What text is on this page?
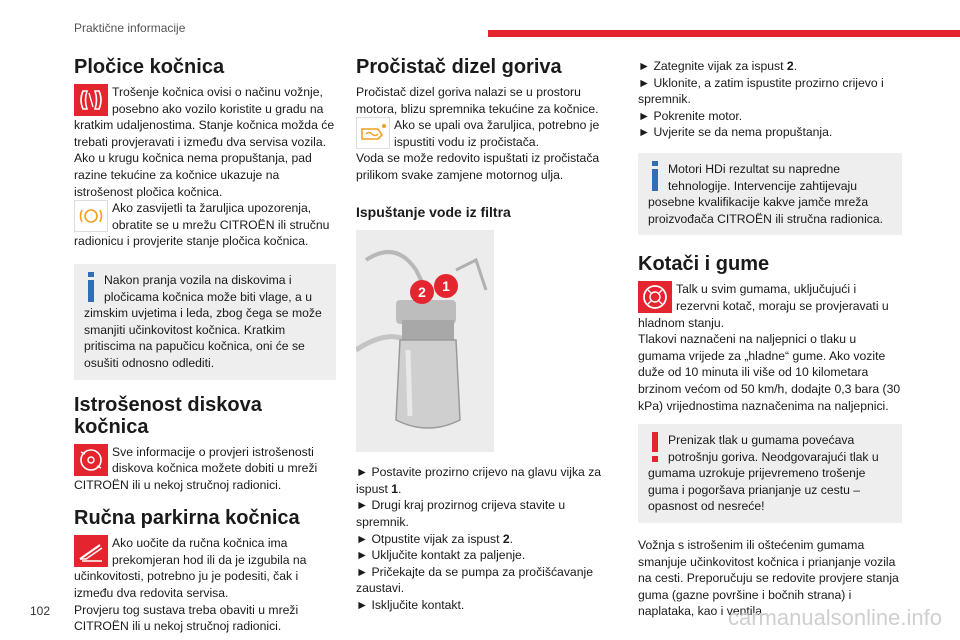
Praktične informacije
Pločice kočnica

Trošenje kočnica ovisi o načinu vožnje, posebno ako vozilo koristite u gradu na kratkim udaljenostima. Stanje kočnica možda će trebati provjeravati i između dva servisa vozila.

Ako u krugu kočnica nema propuštanja, pad razine tekućine za kočnice ukazuje na istrošenost pločica kočnica.

Ako zasvijetli ta žaruljica upozorenja, obratite se u mrežu CITROËN ili stručnu radionicu i provjerite stanje pločica kočnica.

Nakon pranja vozila na diskovima i pločicama kočnica može biti vlage, a u zimskim uvjetima i leda, zbog čega se može smanjiti učinkovitost kočnica. Kratkim pritiscima na papučicu kočnica, oni će se osušiti odnosno odlediti.

Istrošenost diskova kočnica

Sve informacije o provjeri istrošenosti diskova kočnica možete dobiti u mreži CITROËN ili u nekoj stručnoj radionici.

Ručna parkirna kočnica

Ako uočite da ručna kočnica ima prekomjeran hod ili da je izgubila na učinkovitosti, potrebno ju je podesiti, čak i između dva redovita servisa.

Provjeru tog sustava treba obaviti u mreži CITROËN ili u nekoj stručnoj radionici.

Pročistač dizel goriva

Pročistač dizel goriva nalazi se u prostoru motora, blizu spremnika tekućine za kočnice.

Ako se upali ova žaruljica, potrebno je ispustiti vodu iz pročistača.

Voda se može redovito ispuštati iz pročistača prilikom svake zamjene motornog ulja.

Ispuštanje vode iz filtra
2 1

► Postavite prozirno crijevo na glavu vijka za ispust 1.

► Drugi kraj prozirnog crijeva stavite u spremnik.

► Otpustite vijak za ispust 2.

► Uključite kontakt za paljenje.

► Pričekajte da se pumpa za pročišćavanje zaustavi.

► Isključite kontakt.

► Zategnite vijak za ispust 2.

► Uklonite, a zatim ispustite prozirno crijevo i spremnik.

► Pokrenite motor.

► Uvjerite se da nema propuštanja.

Motori HDi rezultat su napredne tehnologije. Intervencije zahtijevaju posebne kvalifikacije kakve jamče mreža proizvođača CITROËN ili stručna radionica.

Kotači i gume

Talk u svim gumama, uključujući i rezervni kotač, moraju se provjeravati u hladnom stanju.

Tlakovi naznačeni na naljepnici o tlaku u gumama vrijede za „hladne“ gume. Ako vozite duže od 10 minuta ili više od 10 kilometara brzinom većom od 50 km/h, dodajte 0,3 bara (30 kPa) vrijednostima naznačenima na naljepnici.

Prenizak tlak u gumama povećava potrošnju goriva. Neodgovarajući tlak u gumama uzrokuje prijevremeno trošenje guma i pogoršava prianjanje uz cestu – opasnost od nesreće!

Vožnja s istrošenim ili oštećenim gumama smanjuje učinkovitost kočnica i prianjanje vozila na cesti. Preporučuju se redovite provjere stanja guma (gazne površine i bočnih strana) i naplataka, kao i ventila.

102	carmanualsonline.info
